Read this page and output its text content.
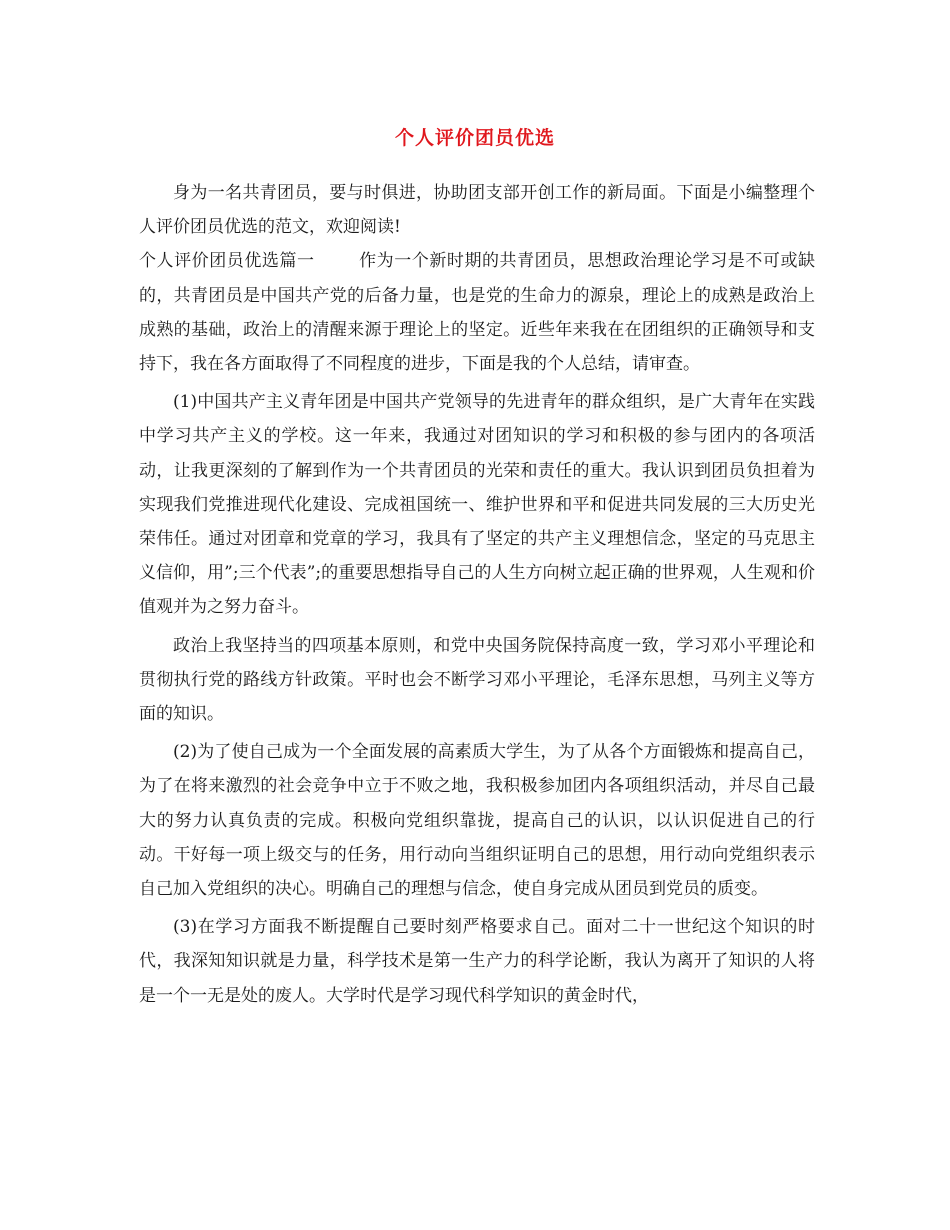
个人评价团员优选

身为一名共青团员，要与时俱进，协助团支部开创工作的新局面。下面是小编整理个人评价团员优选的范文，欢迎阅读!

个人评价团员优选篇一	作为一个新时期的共青团员，思想政治理论学习是不可或缺的，共青团员是中国共产党的后备力量，也是党的生命力的源泉，理论上的成熟是政治上成熟的基础，政治上的清醒来源于理论上的坚定。近些年来我在在团组织的正确领导和支持下，我在各方面取得了不同程度的进步，下面是我的个人总结，请审查。

(1)中国共产主义青年团是中国共产党领导的先进青年的群众组织，是广大青年在实践中学习共产主义的学校。这一年来，我通过对团知识的学习和积极的参与团内的各项活动，让我更深刻的了解到作为一个共青团员的光荣和责任的重大。我认识到团员负担着为实现我们党推进现代化建设、完成祖国统一、维护世界和平和促进共同发展的三大历史光荣伟任。通过对团章和党章的学习，我具有了坚定的共产主义理想信念，坚定的马克思主义信仰，用”;三个代表”;的重要思想指导自己的人生方向树立起正确的世界观，人生观和价值观并为之努力奋斗。

政治上我坚持当的四项基本原则，和党中央国务院保持高度一致，学习邓小平理论和贯彻执行党的路线方针政策。平时也会不断学习邓小平理论，毛泽东思想，马列主义等方面的知识。

(2)为了使自己成为一个全面发展的高素质大学生，为了从各个方面锻炼和提高自己，为了在将来激烈的社会竞争中立于不败之地，我积极参加团内各项组织活动，并尽自己最大的努力认真负责的完成。积极向党组织靠拢，提高自己的认识，以认识促进自己的行动。干好每一项上级交与的任务，用行动向当组织证明自己的思想，用行动向党组织表示自己加入党组织的决心。明确自己的理想与信念，使自身完成从团员到党员的质变。

(3)在学习方面我不断提醒自己要时刻严格要求自己。面对二十一世纪这个知识的时代，我深知知识就是力量，科学技术是第一生产力的科学论断，我认为离开了知识的人将是一个一无是处的废人。大学时代是学习现代科学知识的黄金时代，
